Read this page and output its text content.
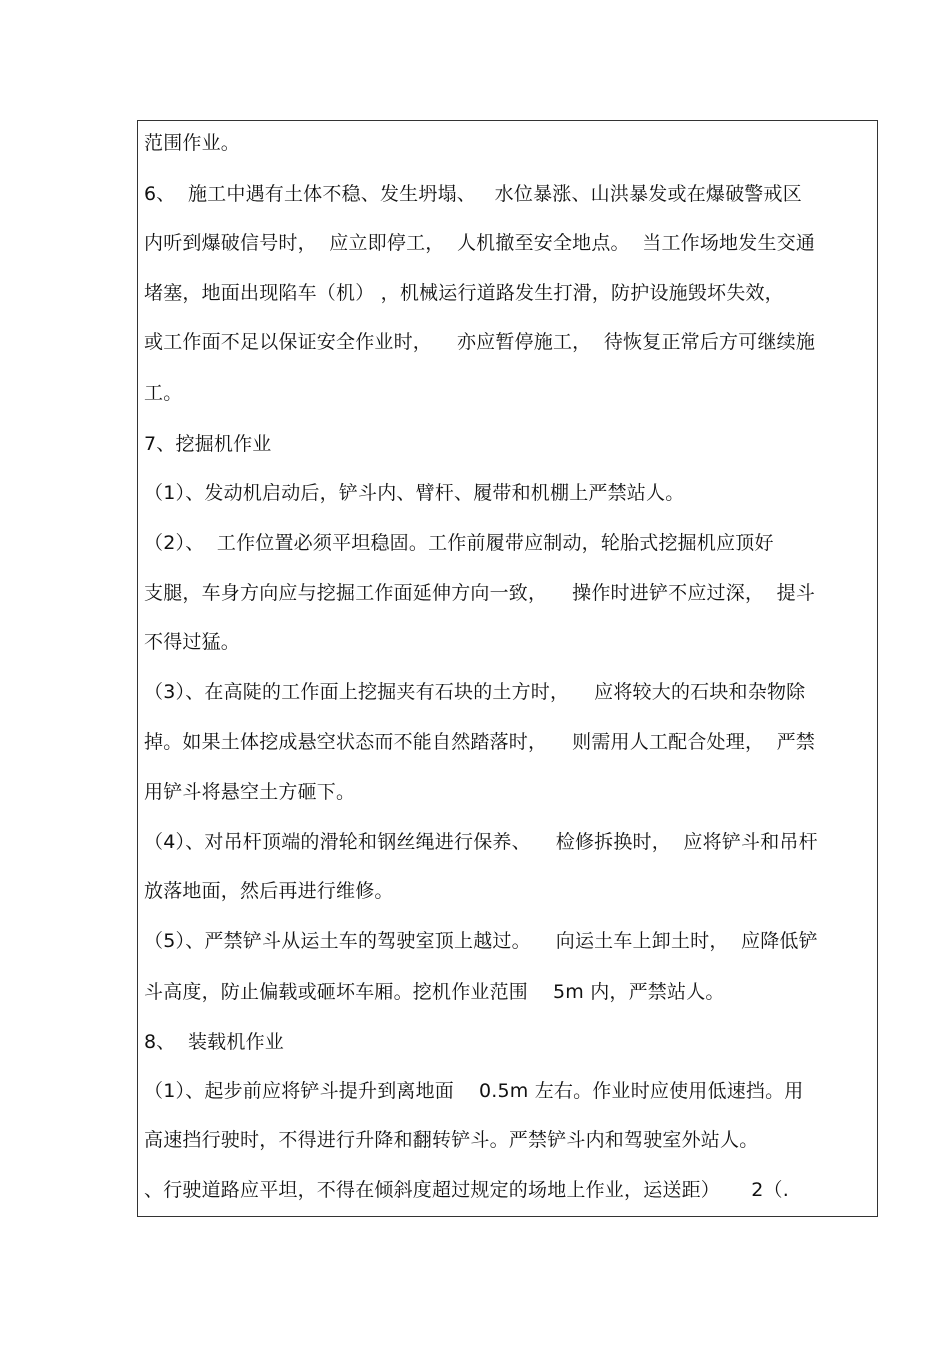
范围作业。
6、  施工中遇有土体不稳、发生坍塌、   水位暴涨、山洪暴发或在爆破警戒区
内听到爆破信号时，  应立即停工，  人机撤至安全地点。  当工作场地发生交通
堵塞，地面出现陷车（机） ，机械运行道路发生打滑，防护设施毁坏失效，
或工作面不足以保证安全作业时，    亦应暂停施工，  待恢复正常后方可继续施
工。
7、挖掘机作业
（1）、发动机启动后，铲斗内、臂杆、履带和机棚上严禁站人。
（2）、  工作位置必须平坦稳固。工作前履带应制动，轮胎式挖掘机应顶好
支腿，车身方向应与挖掘工作面延伸方向一致，    操作时进铲不应过深，  提斗
不得过猛。
（3）、在高陡的工作面上挖掘夹有石块的土方时，    应将较大的石块和杂物除
掉。如果土体挖成悬空状态而不能自然踏落时，    则需用人工配合处理，  严禁
用铲斗将悬空土方砸下。
（4）、对吊杆顶端的滑轮和钢丝绳进行保养、    检修拆换时，  应将铲斗和吊杆
放落地面，然后再进行维修。
（5）、严禁铲斗从运土车的驾驶室顶上越过。    向运土车上卸土时，  应降低铲
斗高度，防止偏载或砸坏车厢。挖机作业范围    5m 内，严禁站人。
8、  装载机作业
（1）、起步前应将铲斗提升到离地面    0.5m 左右。作业时应使用低速挡。用
高速挡行驶时，不得进行升降和翻转铲斗。严禁铲斗内和驾驶室外站人。
、行驶道路应平坦，不得在倾斜度超过规定的场地上作业，运送距）     2（.
